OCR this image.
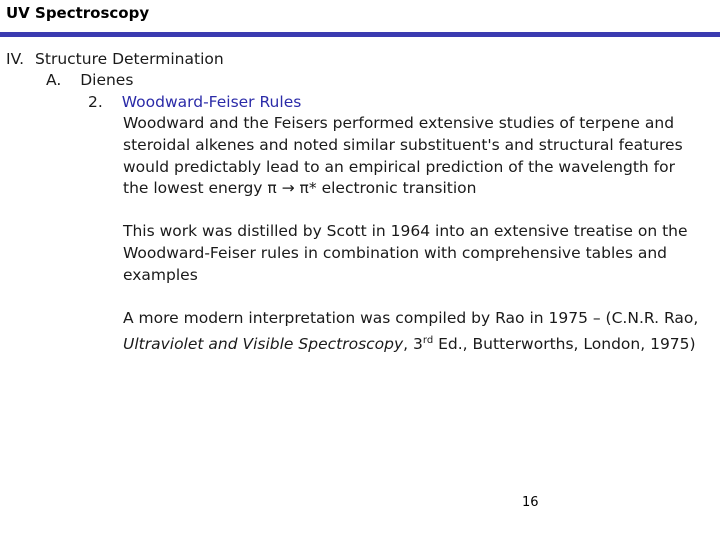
UV Spectroscopy
IV. Structure Determination
A. Dienes
2. Woodward-Feiser Rules
Woodward and the Feisers performed extensive studies of terpene and steroidal alkenes and noted similar substituent's and structural features would predictably lead to an empirical prediction of the wavelength for the lowest energy π → π* electronic transition
This work was distilled by Scott in 1964 into an extensive treatise on the Woodward-Feiser rules in combination with comprehensive tables and examples
A more modern interpretation was compiled by Rao in 1975 – (C.N.R. Rao, Ultraviolet and Visible Spectroscopy, 3rd Ed., Butterworths, London, 1975)
16
